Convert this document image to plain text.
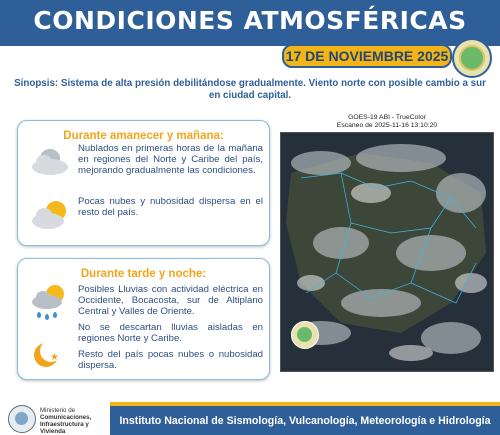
CONDICIONES ATMOSFÉRICAS
17 DE NOVIEMBRE 2025
Sinopsis: Sistema de alta presión debilitándose gradualmente. Viento norte con posible cambio a sur
en ciudad capital.
Durante amanecer y mañana:
Nublados en primeras horas de la mañana en regiones del Norte y Caribe del país, mejorando gradualmente las condiciones.
Pocas nubes y nubosidad dispersa en el resto del país.
Durante tarde y noche:
Posibles Lluvias con actividad eléctrica en Occidente, Bocacosta, sur de Altiplano Central y Valles de Oriente.
No se descartan lluvias aisladas en regiones Norte y Caribe.
★ Resto del país pocas nubes o nubosidad dispersa.
GOES-19 ABI - TrueColor
Escaneo de 2025-11-16 13:10:20
Ministerio de
Comunicaciones,
Infraestructura y
Vivienda
Instituto Nacional de Sismología, Vulcanología, Meteorología e Hidrología
